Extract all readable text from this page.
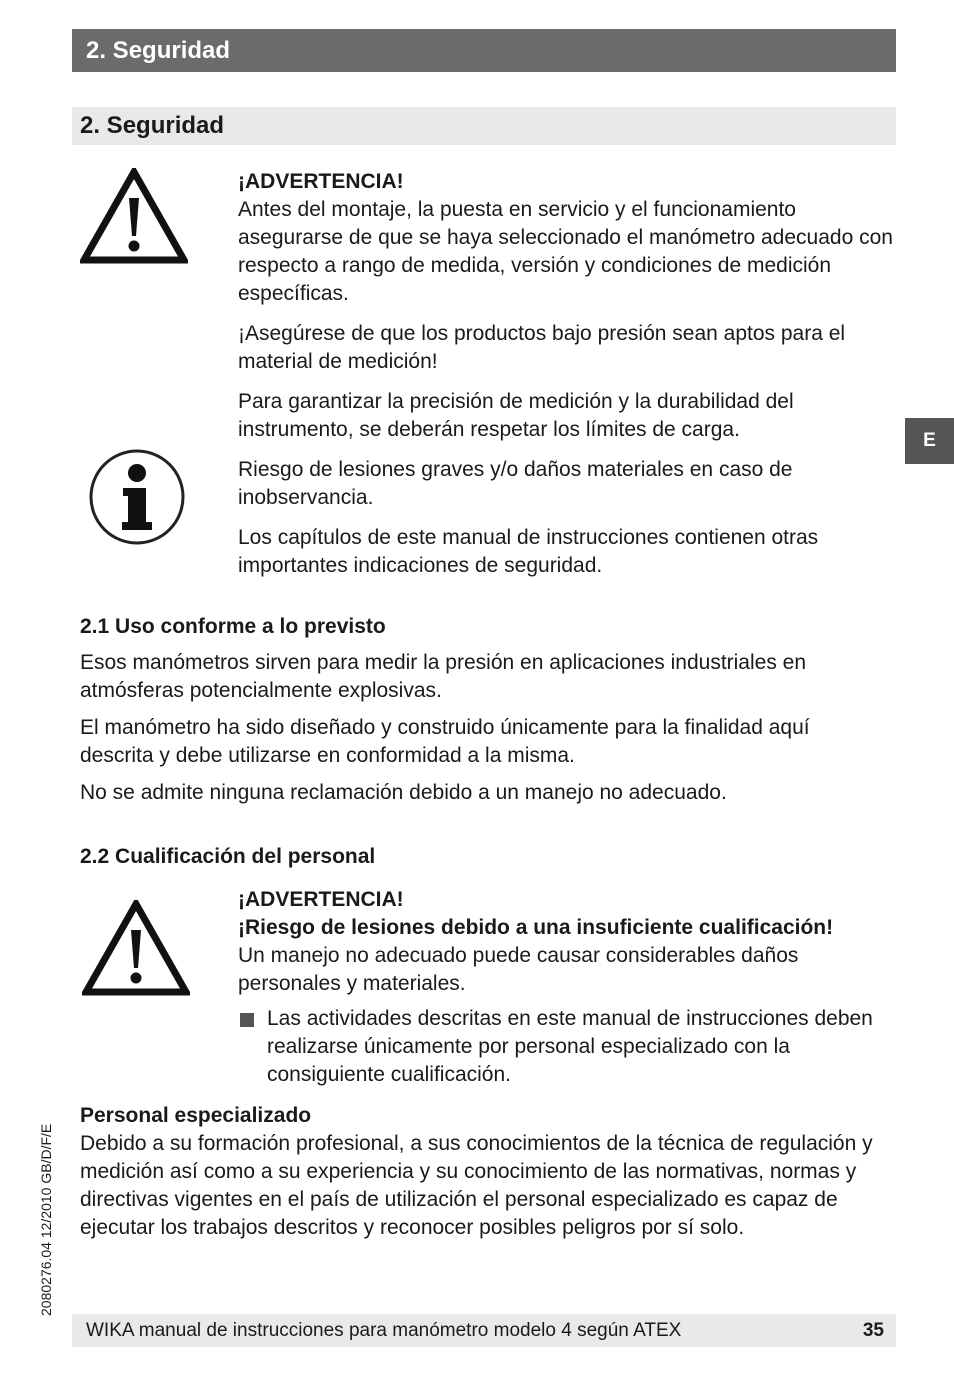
2. Seguridad
2. Seguridad
E

¡ADVERTENCIA!

Antes del montaje, la puesta en servicio y el funcionamiento asegurarse de que se haya seleccionado el manómetro adecuado con respecto a rango de medida, versión y condiciones de medición específicas.

¡Asegúrese de que los productos bajo presión sean aptos para el material de medición!

Para garantizar la precisión de medición y la durabilidad del instrumento, se deberán respetar los límites de carga.

Riesgo de lesiones graves y/o daños materiales en caso de inobservancia.

Los capítulos de este manual de instrucciones contienen otras importantes indicaciones de seguridad.

2.1 Uso conforme a lo previsto

Esos manómetros sirven para medir la presión en aplicaciones industriales en atmósferas potencialmente explosivas.

El manómetro ha sido diseñado y construido únicamente para la finalidad aquí descrita y debe utilizarse en conformidad a la misma.

No se admite ninguna reclamación debido a un manejo no adecuado.

2.2 Cualificación del personal

¡ADVERTENCIA!

¡Riesgo de lesiones debido a una insuficiente cualificación!

Un manejo no adecuado puede causar considerables daños personales y materiales.

Las actividades descritas en este manual de instrucciones deben realizarse únicamente por personal especializado con la consiguiente cualificación.

Personal especializado

Debido a su formación profesional, a sus conocimientos de la técnica de regulación y medición así como a su experiencia y su conocimiento de las normativas, normas y directivas vigentes en el país de utilización el personal especializado es capaz de ejecutar los trabajos descritos y reconocer posibles peligros por sí solo.

2080276.04 12/2010 GB/D/F/E
WIKA manual de instrucciones para manómetro modelo 4 según ATEX	35
